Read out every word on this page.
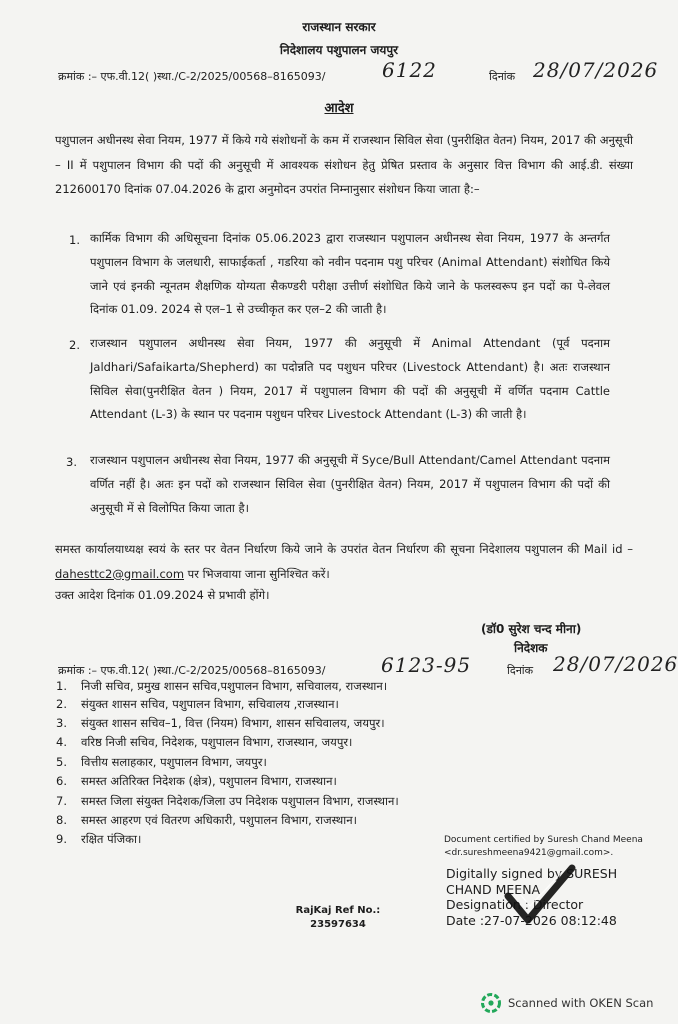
राजस्थान सरकार
निदेशालय पशुपालन जयपुर
क्रमांक :– एफ.वी.12( )स्था./C-2/2025/00568–8165093/	6122	दिनांक 28/07/2026
आदेश
पशुपालन अधीनस्थ सेवा नियम, 1977 में किये गये संशोधनों के कम में राजस्थान सिविल सेवा (पुनरीक्षित वेतन) नियम, 2017 की अनुसूची – II में पशुपालन विभाग की पदों की अनुसूची में आवश्यक संशोधन हेतु प्रेषित प्रस्ताव के अनुसार वित्त विभाग की आई.डी. संख्या 212600170 दिनांक 07.04.2026 के द्वारा अनुमोदन उपरांत निम्नानुसार संशोधन किया जाता है:–
1. कार्मिक विभाग की अधिसूचना दिनांक 05.06.2023 द्वारा राजस्थान पशुपालन अधीनस्थ सेवा नियम, 1977 के अन्तर्गत पशुपालन विभाग के जलधारी, साफाईकर्ता , गडरिया को नवीन पदनाम पशु परिचर (Animal Attendant) संशोधित किये जाने एवं इनकी न्यूनतम शैक्षणिक योग्यता सैकण्डरी परीक्षा उत्तीर्ण संशोधित किये जाने के फलस्वरूप इन पदों का पे-लेवल दिनांक 01.09. 2024 से एल–1 से उच्चीकृत कर एल–2 की जाती है।
2. राजस्थान पशुपालन अधीनस्थ सेवा नियम, 1977 की अनुसूची में Animal Attendant (पूर्व पदनाम Jaldhari/Safaikarta/Shepherd) का पदोन्नति पद पशुधन परिचर (Livestock Attendant) है। अतः राजस्थान सिविल सेवा(पुनरीक्षित वेतन ) नियम, 2017 में पशुपालन विभाग की पदों की अनुसूची में वर्णित पदनाम Cattle Attendant (L-3) के स्थान पर पदनाम पशुधन परिचर Livestock Attendant (L-3) की जाती है।
3. राजस्थान पशुपालन अधीनस्थ सेवा नियम, 1977 की अनुसूची में Syce/Bull Attendant/Camel Attendant पदनाम वर्णित नहीं है। अतः इन पदों को राजस्थान सिविल सेवा (पुनरीक्षित वेतन) नियम, 2017 में पशुपालन विभाग की पदों की अनुसूची में से विलोपित किया जाता है।
समस्त कार्यालयाध्यक्ष स्वयं के स्तर पर वेतन निर्धारण किये जाने के उपरांत वेतन निर्धारण की सूचना निदेशालय पशुपालन की Mail id – dahesttc2@gmail.com पर भिजवाया जाना सुनिश्चित करें।
उक्त आदेश दिनांक 01.09.2024 से प्रभावी होंगे।
(डॉ0 सुरेश चन्द मीना)
निदेशक
क्रमांक :– एफ.वी.12( )स्था./C-2/2025/00568–8165093/	6123-95	दिनांक 28/07/2026
1. निजी सचिव, प्रमुख शासन सचिव,पशुपालन विभाग, सचिवालय, राजस्थान।
2. संयुक्त शासन सचिव, पशुपालन विभाग, सचिवालय ,राजस्थान।
3. संयुक्त शासन सचिव–1, वित्त (नियम) विभाग, शासन सचिवालय, जयपुर।
4. वरिष्ठ निजी सचिव, निदेशक, पशुपालन विभाग, राजस्थान, जयपुर।
5. वित्तीय सलाहकार, पशुपालन विभाग, जयपुर।
6. समस्त अतिरिक्त निदेशक (क्षेत्र), पशुपालन विभाग, राजस्थान।
7. समस्त जिला संयुक्त निदेशक/जिला उप निदेशक पशुपालन विभाग, राजस्थान।
8. समस्त आहरण एवं वितरण अधिकारी, पशुपालन विभाग, राजस्थान।
9. रक्षित पंजिका।	Document certified by Suresh Chand Meena
<dr.sureshmeena9421@gmail.com>.
Digitally signed by SURESH
CHAND MEENA
Designation : Director
Date :27-07-2026 08:12:48
RajKaj Ref No.:
23597634
Scanned with OKEN Scan
